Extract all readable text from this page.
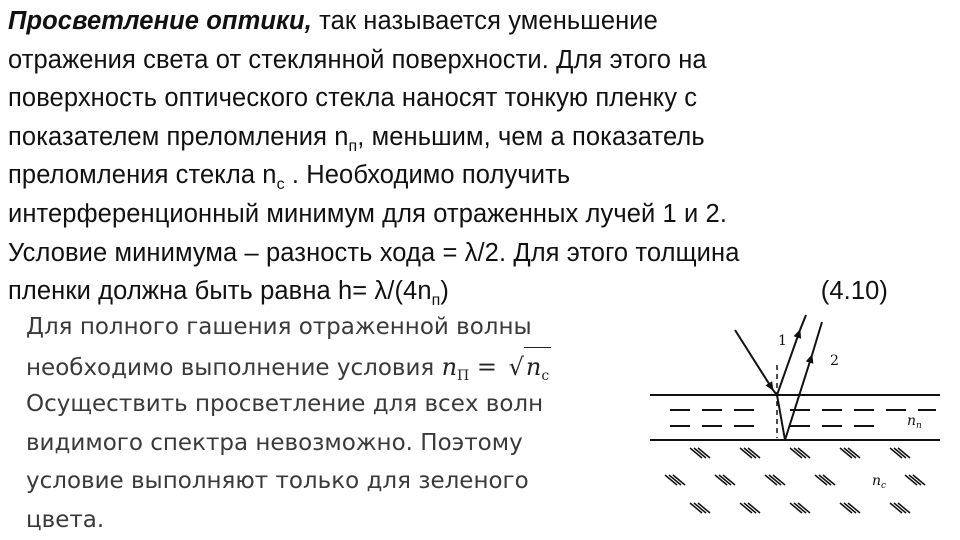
Просветление оптики, так называется уменьшение
отражения света от стеклянной поверхности. Для этого на
поверхность оптического стекла наносят тонкую пленку с
показателем преломления $n_п$, меньшим, чем а показатель
преломления стекла $n_с$ . Необходимо получить
интерференционный минимум для отраженных лучей 1 и 2.
Условие минимума – разность хода = λ/2. Для этого толщина
пленки должна быть равна $h= \lambda/(4n_п)$	(4.10)
Для полного гашения отраженной волны
необходимо выполнение условия $n_П = √n_c$
Осуществить просветление для всех волн
видимого спектра невозможно. Поэтому
условие выполняют только для зеленого
цвета.
1
2
$n_п$
$n_с$
